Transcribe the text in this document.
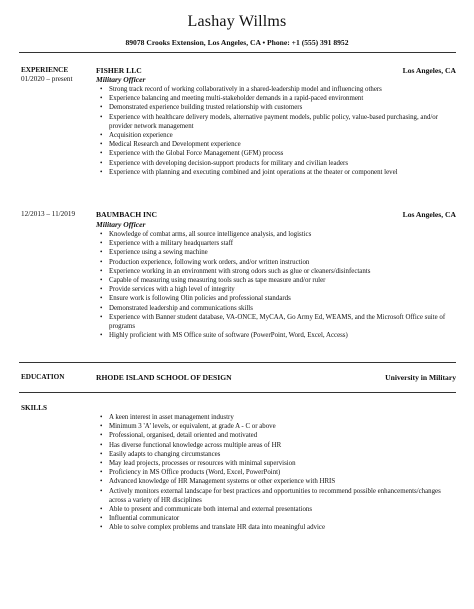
Lashay Willms
89078 Crooks Extension, Los Angeles, CA • Phone: +1 (555) 391 8952
EXPERIENCE
01/2020 – present
FISHER LLC	Los Angeles, CA
Military Officer
• Strong track record of working collaboratively in a shared-leadership model and influencing others
• Experience balancing and meeting multi-stakeholder demands in a rapid-paced environment
• Demonstrated experience building trusted relationship with customers
• Experience with healthcare delivery models, alternative payment models, public policy, value-based purchasing, and/or provider network management
• Acquisition experience
• Medical Research and Development experience
• Experience with the Global Force Management (GFM) process
• Experience with developing decision-support products for military and civilian leaders
• Experience with planning and executing combined and joint operations at the theater or component level
12/2013 – 11/2019	BAUMBACH INC	Los Angeles, CA
Military Officer
• Knowledge of combat arms, all source intelligence analysis, and logistics
• Experience with a military headquarters staff
• Experience using a sewing machine
• Production experience, following work orders, and/or written instruction
• Experience working in an environment with strong odors such as glue or cleaners/disinfectants
• Capable of measuring using measuring tools such as tape measure and/or ruler
• Provide services with a high level of integrity
• Ensure work is following Olin policies and professional standards
• Demonstrated leadership and communications skills
• Experience with Banner student database, VA-ONCE, MyCAA, Go Army Ed, WEAMS, and the Microsoft Office suite of programs
• Highly proficient with MS Office suite of software (PowerPoint, Word, Excel, Access)
EDUCATION	RHODE ISLAND SCHOOL OF DESIGN	University in Military
SKILLS
• A keen interest in asset management industry
• Minimum 3 'A' levels, or equivalent, at grade A - C or above
• Professional, organised, detail oriented and motivated
• Has diverse functional knowledge across multiple areas of HR
• Easily adapts to changing circumstances
• May lead projects, processes or resources with minimal supervision
• Proficiency in MS Office products (Word, Excel, PowerPoint)
• Advanced knowledge of HR Management systems or other experience with HRIS
• Actively monitors external landscape for best practices and opportunities to recommend possible enhancements/changes across a variety of HR disciplines
• Able to present and communicate both internal and external presentations
• Influential communicator
• Able to solve complex problems and translate HR data into meaningful advice
